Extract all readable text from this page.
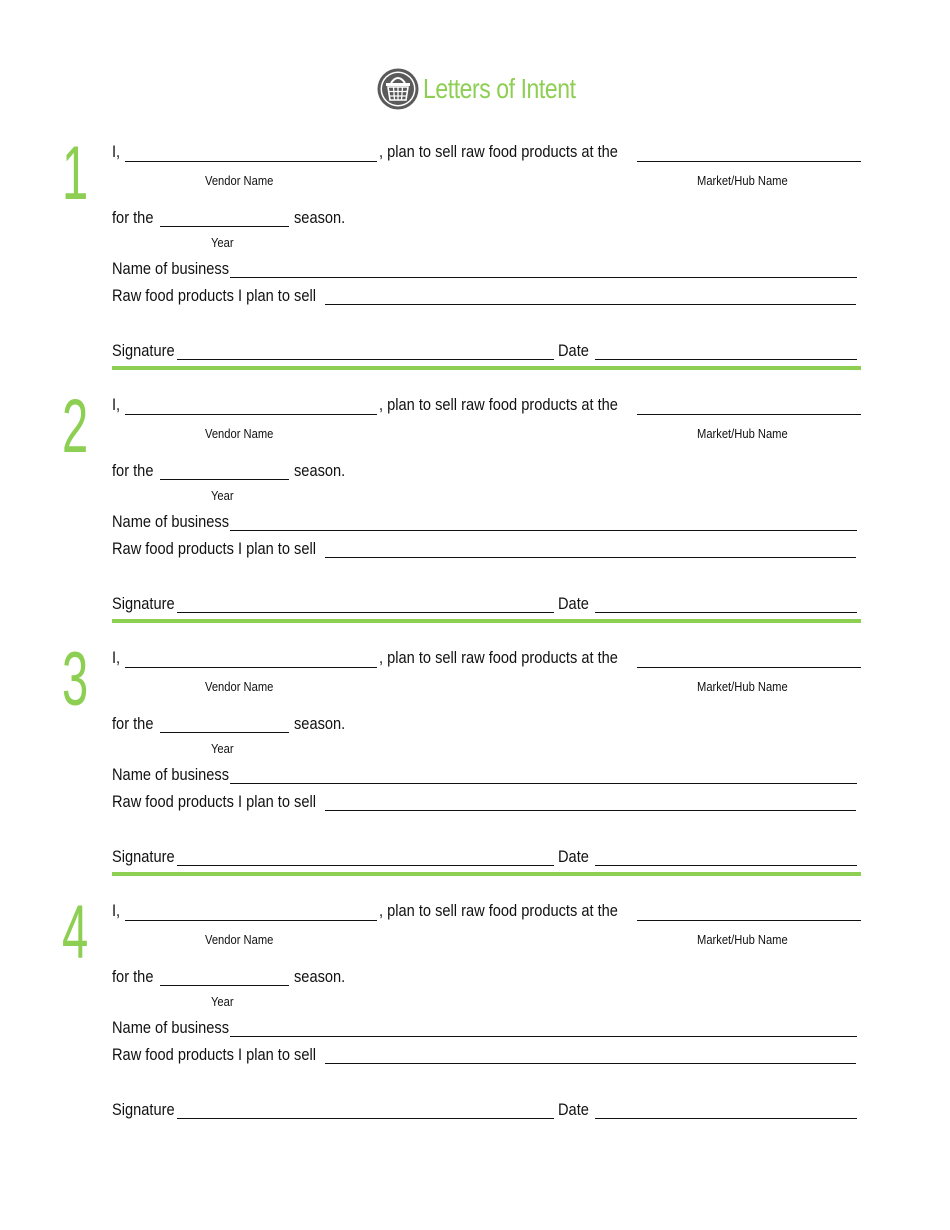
Letters of Intent
1 I,	, plan to sell raw food products at the
Vendor Name	Market/Hub Name
for the	season.
Year
Name of business
Raw food products I plan to sell
Signature	Date
2 I,	, plan to sell raw food products at the
Vendor Name	Market/Hub Name
for the	season.
Year
Name of business
Raw food products I plan to sell
Signature	Date
3 I,	, plan to sell raw food products at the
Vendor Name	Market/Hub Name
for the	season.
Year
Name of business
Raw food products I plan to sell
Signature	Date
4 I,	, plan to sell raw food products at the
Vendor Name	Market/Hub Name
for the	season.
Year
Name of business
Raw food products I plan to sell
Signature	Date
